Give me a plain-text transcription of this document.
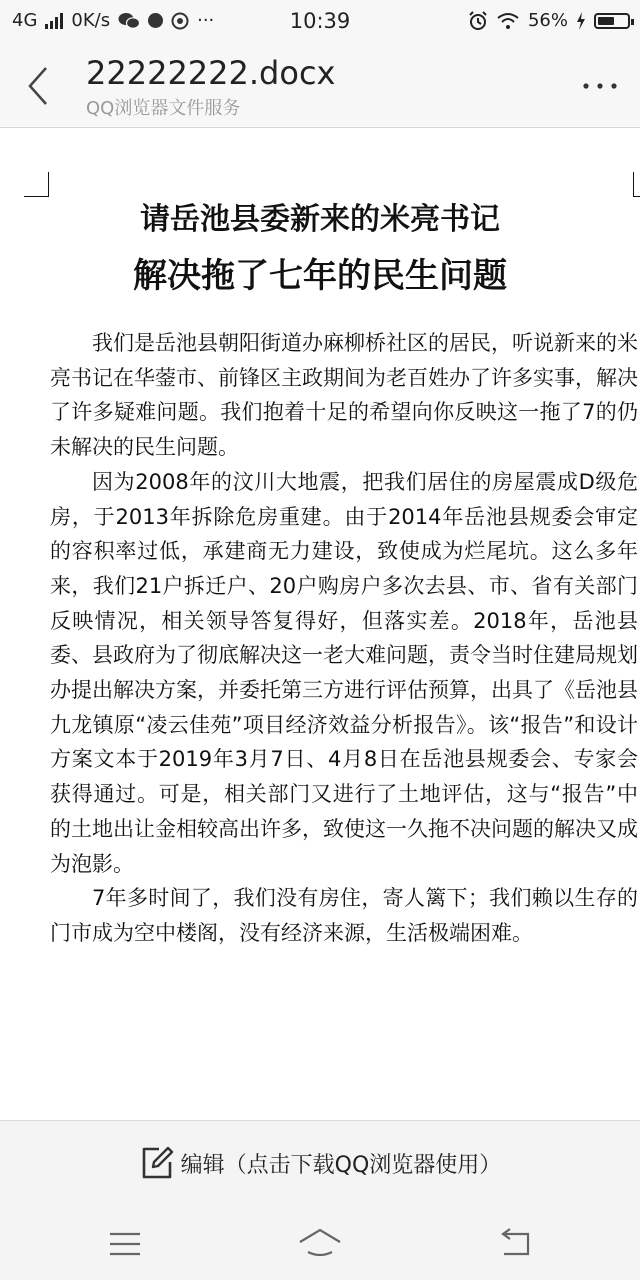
4G 0K/s	···	10:39	56%
22222222.docx
QQ浏览器文件服务
请岳池县委新来的米亮书记
解决拖了七年的民生问题

我们是岳池县朝阳街道办麻柳桥社区的居民，听说新来的米亮书记在华蓥市、前锋区主政期间为老百姓办了许多实事，解决了许多疑难问题。我们抱着十足的希望向你反映这一拖了7的仍未解决的民生问题。

因为2008年的汶川大地震，把我们居住的房屋震成D级危房，于2013年拆除危房重建。由于2014年岳池县规委会审定的容积率过低，承建商无力建设，致使成为烂尾坑。这么多年来，我们21户拆迁户、20户购房户多次去县、市、省有关部门反映情况，相关领导答复得好，但落实差。2018年，岳池县委、县政府为了彻底解决这一老大难问题，责令当时住建局规划办提出解决方案，并委托第三方进行评估预算，出具了《岳池县九龙镇原“凌云佳苑”项目经济效益分析报告》。该“报告”和设计方案文本于2019年3月7日、4月8日在岳池县规委会、专家会获得通过。可是，相关部门又进行了土地评估，这与“报告”中的土地出让金相较高出许多，致使这一久拖不决问题的解决又成为泡影。

7年多时间了，我们没有房住，寄人篱下；我们赖以生存的门市成为空中楼阁，没有经济来源，生活极端困难。

编辑（点击下载QQ浏览器使用）
